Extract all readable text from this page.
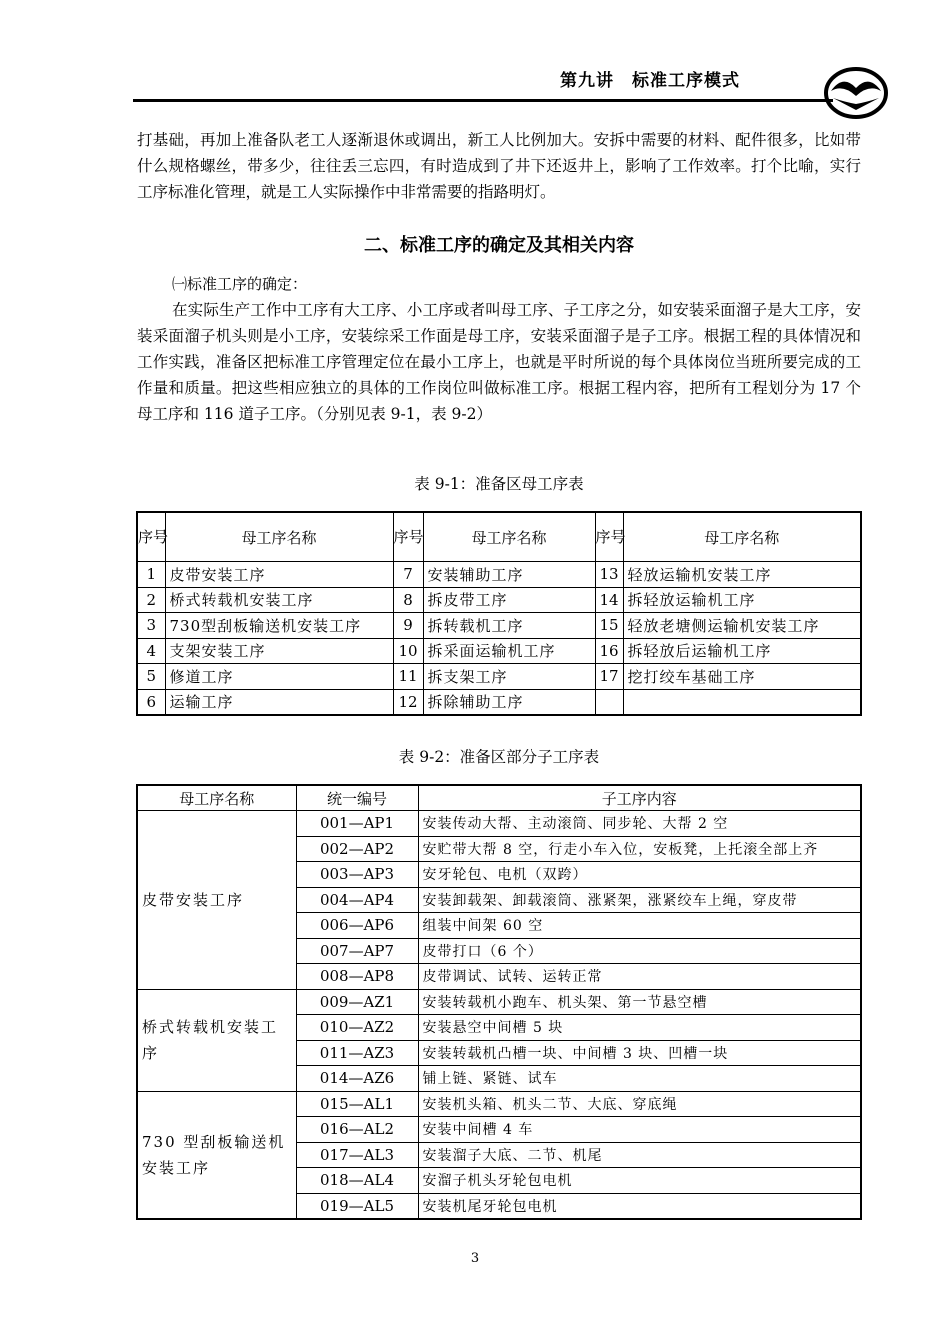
第九讲　标准工序模式

打基础，再加上准备队老工人逐渐退休或调出，新工人比例加大。安拆中需要的材料、配件很多，比如带什么规格螺丝，带多少，往往丢三忘四，有时造成到了井下还返井上，影响了工作效率。打个比喻，实行工序标准化管理，就是工人实际操作中非常需要的指路明灯。

二、标准工序的确定及其相关内容
㈠标准工序的确定：

在实际生产工作中工序有大工序、小工序或者叫母工序、子工序之分，如安装采面溜子是大工序，安装采面溜子机头则是小工序，安装综采工作面是母工序，安装采面溜子是子工序。根据工程的具体情况和工作实践，准备区把标准工序管理定位在最小工序上，也就是平时所说的每个具体岗位当班所要完成的工作量和质量。把这些相应独立的具体的工作岗位叫做标准工序。根据工程内容，把所有工程划分为 17 个母工序和 116 道子工序。（分别见表 9-1，表 9-2）

表 9-1：准备区母工序表
序号	母工序名称	序号	母工序名称	序号	母工序名称
1	皮带安装工序	7	安装辅助工序	13	轻放运输机安装工序
2	桥式转载机安装工序	8	拆皮带工序	14	拆轻放运输机工序
3	730型刮板输送机安装工序	9	拆转载机工序	15	轻放老塘侧运输机安装工序
4	支架安装工序	10	拆采面运输机工序	16	拆轻放后运输机工序
5	修道工序	11	拆支架工序	17	挖打绞车基础工序
6	运输工序	12	拆除辅助工序		
表 9-2：准备区部分子工序表
母工序名称	统一编号	子工序内容
皮带安装工序	001—AP1	安装传动大帮、主动滚筒、同步轮、大帮 2 空
	002—AP2	安贮带大帮 8 空，行走小车入位，安板凳，上托滚全部上齐
	003—AP3	安牙轮包、电机（双跨）
	004—AP4	安装卸载架、卸载滚筒、涨紧架，涨紧绞车上绳，穿皮带
	006—AP6	组装中间架 60 空
	007—AP7	皮带打口（6 个）
	008—AP8	皮带调试、试转、运转正常
桥式转载机安装工序	009—AZ1	安装转载机小跑车、机头架、第一节悬空槽
	010—AZ2	安装悬空中间槽 5 块
	011—AZ3	安装转载机凸槽一块、中间槽 3 块、凹槽一块
	014—AZ6	铺上链、紧链、试车
730 型刮板输送机安装工序	015—AL1	安装机头箱、机头二节、大底、穿底绳
	016—AL2	安装中间槽 4 车
	017—AL3	安装溜子大底、二节、机尾
	018—AL4	安溜子机头牙轮包电机
	019—AL5	安装机尾牙轮包电机
3
